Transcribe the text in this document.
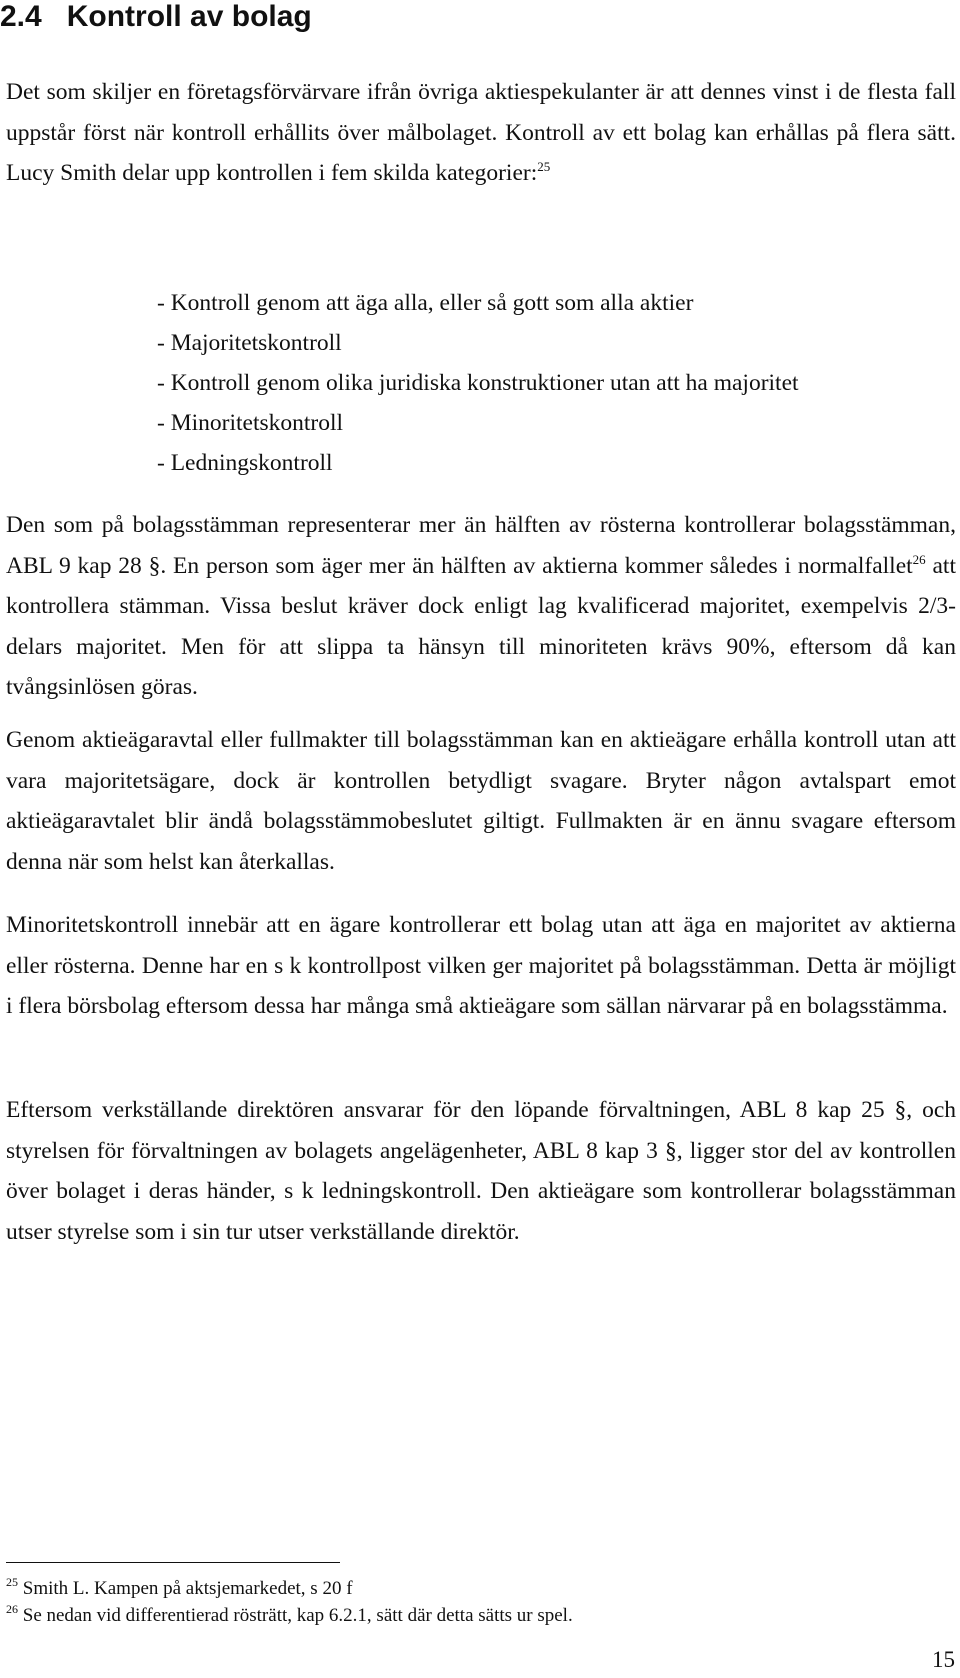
2.4 Kontroll av bolag

Det som skiljer en företagsförvärvare ifrån övriga aktiespekulanter är att dennes vinst i de flesta fall uppstår först när kontroll erhållits över målbolaget. Kontroll av ett bolag kan erhållas på flera sätt. Lucy Smith delar upp kontrollen i fem skilda kategorier:$^{25}$

- Kontroll genom att äga alla, eller så gott som alla aktier
- Majoritetskontroll
- Kontroll genom olika juridiska konstruktioner utan att ha majoritet
- Minoritetskontroll
- Ledningskontroll

Den som på bolagsstämman representerar mer än hälften av rösterna kontrollerar bolagsstämman, ABL 9 kap 28 §. En person som äger mer än hälften av aktierna kommer således i normalfallet$^{26}$ att kontrollera stämman. Vissa beslut kräver dock enligt lag kvalificerad majoritet, exempelvis 2/3-delars majoritet. Men för att slippa ta hänsyn till minoriteten krävs 90%, eftersom då kan tvångsinlösen göras.

Genom aktieägaravtal eller fullmakter till bolagsstämman kan en aktieägare erhålla kontroll utan att vara majoritetsägare, dock är kontrollen betydligt svagare. Bryter någon avtalspart emot aktieägaravtalet blir ändå bolagsstämmobeslutet giltigt. Fullmakten är en ännu svagare eftersom denna när som helst kan återkallas.

Minoritetskontroll innebär att en ägare kontrollerar ett bolag utan att äga en majoritet av aktierna eller rösterna. Denne har en s k kontrollpost vilken ger majoritet på bolagsstämman. Detta är möjligt i flera börsbolag eftersom dessa har många små aktieägare som sällan närvarar på en bolagsstämma.

Eftersom verkställande direktören ansvarar för den löpande förvaltningen, ABL 8 kap 25 §, och styrelsen för förvaltningen av bolagets angelägenheter, ABL 8 kap 3 §, ligger stor del av kontrollen över bolaget i deras händer, s k ledningskontroll. Den aktieägare som kontrollerar bolagsstämman utser styrelse som i sin tur utser verkställande direktör.

$^{25}$ Smith L. Kampen på aktsjemarkedet, s 20 f

$^{26}$ Se nedan vid differentierad rösträtt, kap 6.2.1, sätt där detta sätts ur spel.

15
